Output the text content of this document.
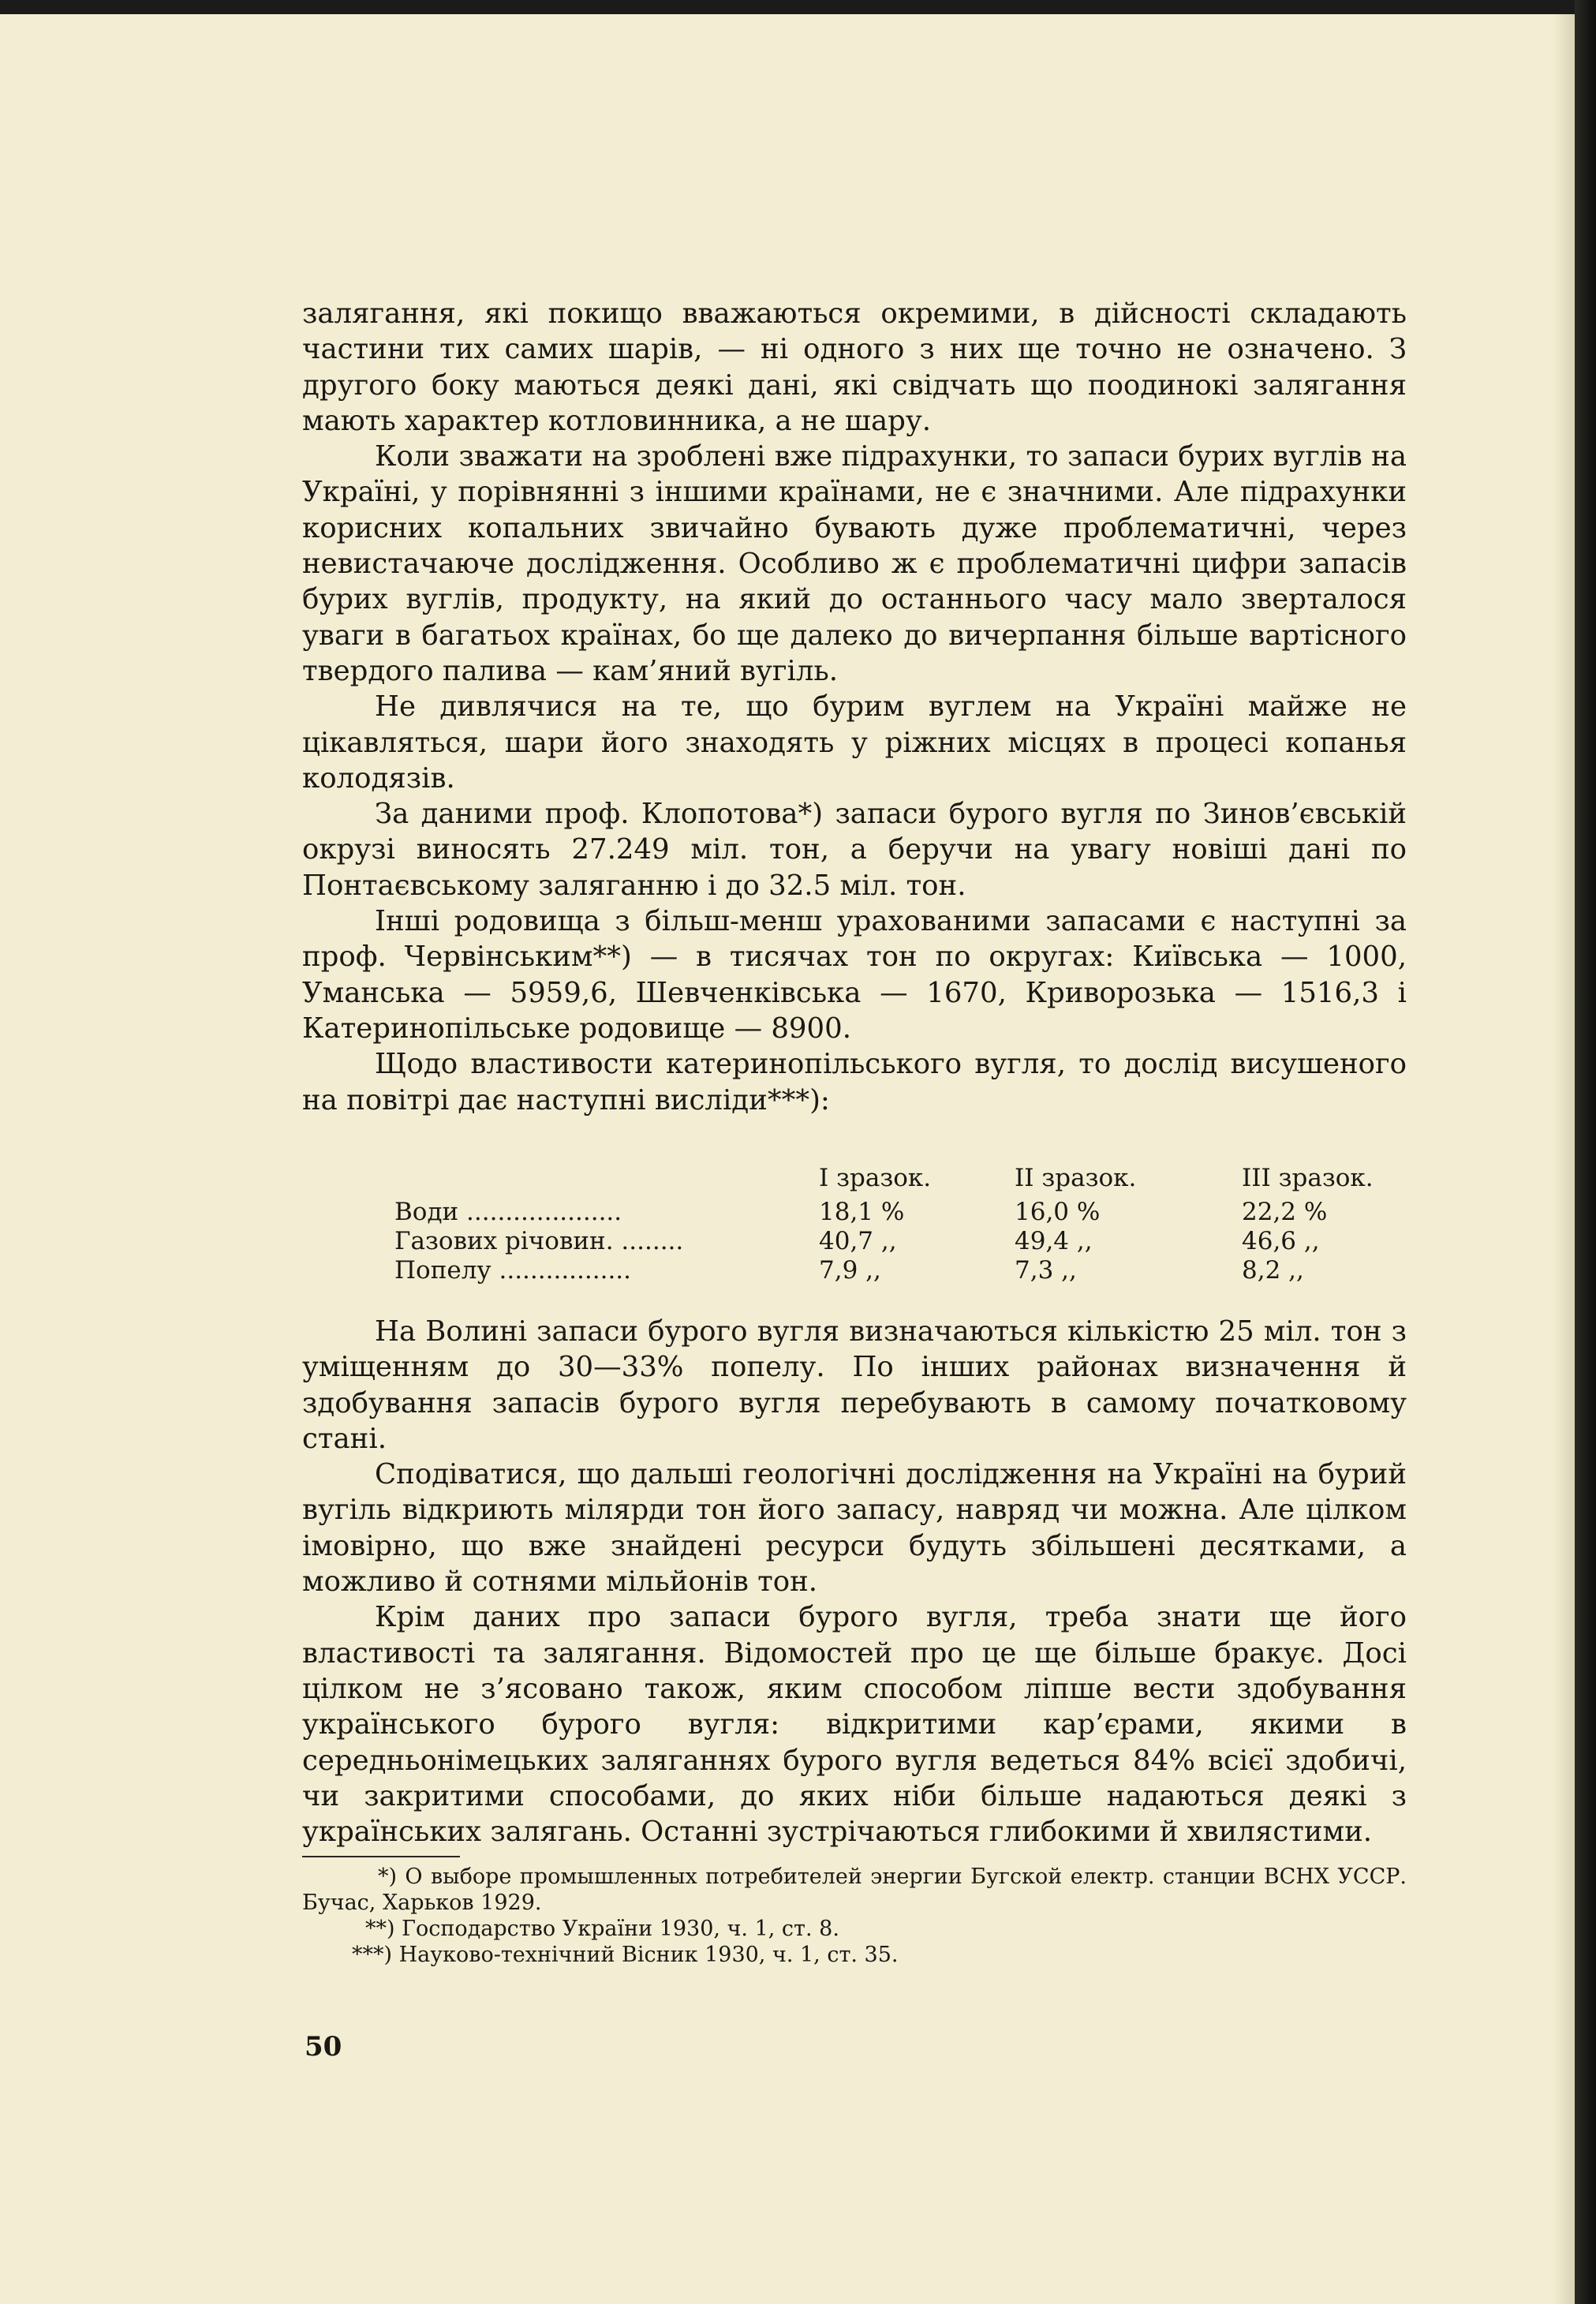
залягання, які покищо вважаються окремими, в дійсності складають частини тих самих шарів, — ні одного з них ще точно не означено. З другого боку маються деякі дані, які свідчать що поодинокі залягання мають характер котловинника, а не шару.

Коли зважати на зроблені вже підрахунки, то запаси бурих вуглів на Україні, у порівнянні з іншими країнами, не є значними. Але підрахунки корисних копальних звичайно бувають дуже проблематичні, через невистачаюче дослідження. Особливо ж є проблематичні цифри запасів бурих вуглів, продукту, на який до останнього часу мало зверталося уваги в багатьох країнах, бо ще далеко до вичерпання більше вартісного твердого палива — кам’яний вугіль.

Не дивлячися на те, що бурим вуглем на Україні майже не цікавляться, шари його знаходять у ріжних місцях в процесі копанья колодязів.

За даними проф. Клопотова*) запаси бурого вугля по Зинов’євській окрузі виносять 27.249 міл. тон, а беручи на увагу новіші дані по Понтаєвському заляганню і до 32.5 міл. тон.

Інші родовища з більш-менш урахованими запасами є наступні за проф. Червінським**) — в тисячах тон по округах: Київська — 1000, Уманська — 5959,6, Шевченківська — 1670, Криворозька — 1516,3 і Катеринопільське родовище — 8900.

Щодо властивости катеринопільського вугля, то дослід висушеного на повітрі дає наступні вислiди***):

	I зразок.	II зразок.	III зразок.
Води ....................	18,1 %	16,0 %	22,2 %
Газових річовин. ........	40,7 ,,	49,4 ,,	46,6 ,,
Попелу .................	7,9 ,,	7,3 ,,	8,2 ,,

На Волині запаси бурого вугля визначаються кількістю 25 міл. тон з уміщенням до 30—33% попелу. По інших районах визначення й здобування запасів бурого вугля перебувають в самому початковому стані.

Сподіватися, що дальші геологічні дослідження на Україні на бурий вугіль відкриють мілярди тон його запасу, навряд чи можна. Але цілком імовірно, що вже знайдені ресурси будуть збільшені десятками, а можливо й сотнями мільйонів тон.

Крім даних про запаси бурого вугля, треба знати ще його властивості та залягання. Відомостей про це ще більше бракує. Досі цілком не з’ясовано також, яким способом ліпше вести здобування українського бурого вугля: відкритими кар’єрами, якими в середньонімецьких заляганнях бурого вугля ведеться 84% всієї здобичі, чи закритими способами, до яких ніби більше надаються деякі з українських залягань. Останні зустрічаються глибокими й хвилястими.

*) О выборе промышленных потребителей энергии Бугской електр. станции ВСНХ УССР. Бучас, Харьков 1929.

**) Господарство України 1930, ч. 1, ст. 8.

***) Науково-технічний Вісник 1930, ч. 1, ст. 35.

50
